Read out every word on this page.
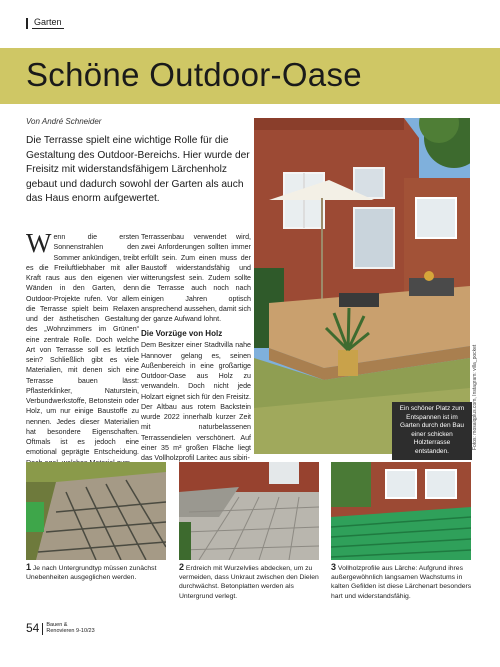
Garten
Schöne Outdoor-Oase
Von André Schneider
Die Terrasse spielt eine wichtige Rolle für die Gestaltung des Outdoor-Bereichs. Hier wurde der Freisitz mit widerstandsfähigem Lärchenholz gebaut und dadurch sowohl der Garten als auch das Haus enorm aufgewertet.
Wenn die ersten Sonnenstrahlen den Sommer ankündigen, treibt es die Freiluftliebhaber mit aller Kraft raus aus den eigenen vier Wänden in den Garten, denn Outdoor-Projekte rufen. Vor allem die Terrasse spielt beim Relaxen und der ästhetischen Gestaltung des „Wohnzimmers im Grünen“ eine zentrale Rolle. Doch welche Art von Terrasse soll es letztlich sein? Schließlich gibt es viele Materialien, mit denen sich eine Terrasse bauen lässt: Pflasterklinker, Naturstein, Verbundwerkstoffe, Betonstein oder Holz, um nur einige Baustoffe zu nennen. Jedes dieser Materialien hat besondere Eigenschaften. Oftmals ist es jedoch eine emotional geprägte Entscheidung.

Terrassenbau verwendet wird, zwei Anforderungen sollten immer erfüllt sein. Zum einen muss der Baustoff widerstandsfähig und witterungsfest sein. Zudem sollte die Terrasse auch noch nach einigen Jahren optisch ansprechend aussehen, damit sich der ganze Aufwand lohnt.

Die Vorzüge von Holz

Dem Besitzer einer Stadtvilla nahe Hannover gelang es, seinen Außenbereich in eine großartige Outdoor-Oase aus Holz zu verwandeln. Doch nicht jede Holzart eignet sich für den Freisitz. Der Altbau aus rotem Backstein wurde 2022 innerhalb kurzer Zeit mit naturbelassenen Terrassendielen verschönert. Auf einer 35 m² großen Fläche liegt das Vollholzprofil Laritec aus sibiri-

Ein schöner Platz zum Entspannen ist im Garten durch den Bau einer schicken Holzterrasse entstanden.
Fotos: mosaiqplus.com, Instagram: villa_pocket
1 Je nach Untergrundtyp müssen zunächst Unebenheiten ausgeglichen werden.
2 Erdreich mit Wurzelvlies abdecken, um zu vermeiden, dass Unkraut zwischen den Dielen durchwächst. Betonplatten werden als Untergrund verlegt.
3 Vollholzprofile aus Lärche: Aufgrund ihres außergewöhnlich langsamen Wachstums in kalten Gefilden ist diese Lärchenart besonders hart und widerstandsfähig.
54 Bauen &
Renovieren 9-10/23
